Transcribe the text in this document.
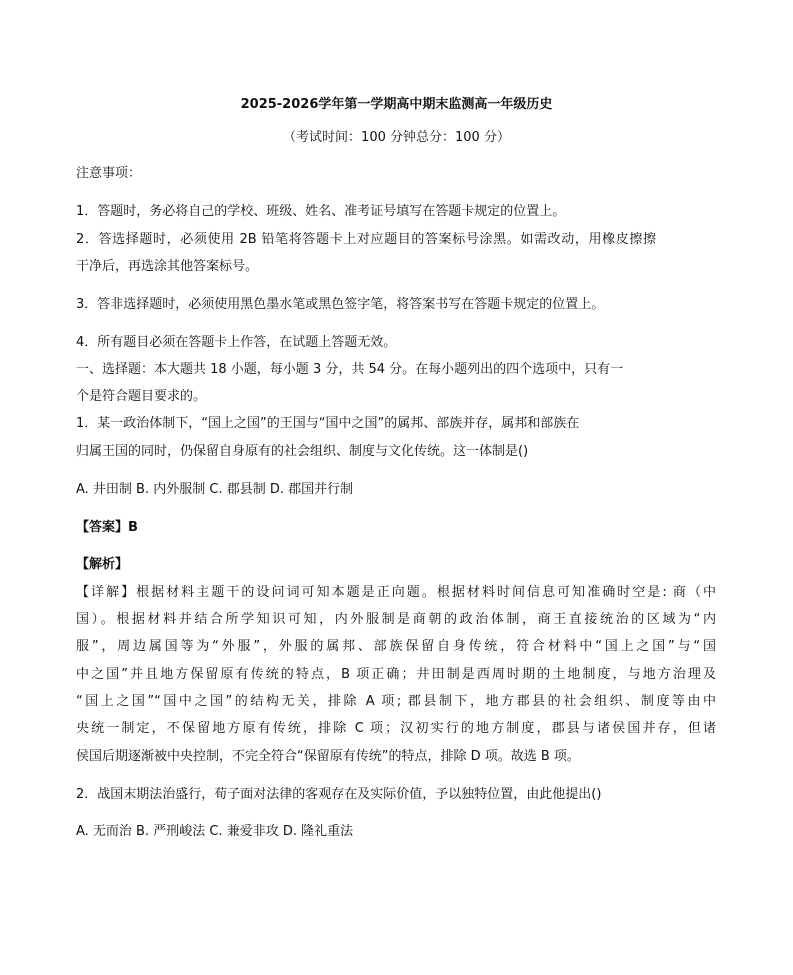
2025-2026学年第一学期高中期末监测高一年级历史
（考试时间：100 分钟总分：100 分）
注意事项：
1．答题时，务必将自己的学校、班级、姓名、准考证号填写在答题卡规定的位置上。
2．答选择题时，必须使用 2B 铅笔将答题卡上对应题目的答案标号涂黑。如需改动，用橡皮擦擦
干净后，再选涂其他答案标号。
3．答非选择题时，必须使用黑色墨水笔或黑色签字笔，将答案书写在答题卡规定的位置上。
4．所有题目必须在答题卡上作答，在试题上答题无效。
一、选择题：本大题共 18 小题，每小题 3 分，共 54 分。在每小题列出的四个选项中，只有一
个是符合题目要求的。
1．某一政治体制下，“国上之国”的王国与“国中之国”的属邦、部族并存，属邦和部族在
归属王国的同时，仍保留自身原有的社会组织、制度与文化传统。这一体制是()
A. 井田制 B. 内外服制 C. 郡县制 D. 郡国并行制
【答案】B
【解析】
【详解】根据材料主题干的设问词可知本题是正向题。根据材料时间信息可知准确时空是: 商（中
国）。根据材料并结合所学知识可知，内外服制是商朝的政治体制，商王直接统治的区域为“内
服”，周边属国等为“外服”，外服的属邦、部族保留自身传统，符合材料中“国上之国”与“国
中之国”并且地方保留原有传统的特点，B 项正确；井田制是西周时期的土地制度，与地方治理及
“国上之国”“国中之国”的结构无关，排除 A 项; 郡县制下，地方郡县的社会组织、制度等由中
央统一制定，不保留地方原有传统，排除 C 项；汉初实行的地方制度，郡县与诸侯国并存，但诸
侯国后期逐渐被中央控制，不完全符合“保留原有传统”的特点，排除 D 项。故选 B 项。
2．战国末期法治盛行，荀子面对法律的客观存在及实际价值，予以独特位置，由此他提出()
A. 无而治 B. 严刑峻法 C. 兼爱非攻 D. 隆礼重法
